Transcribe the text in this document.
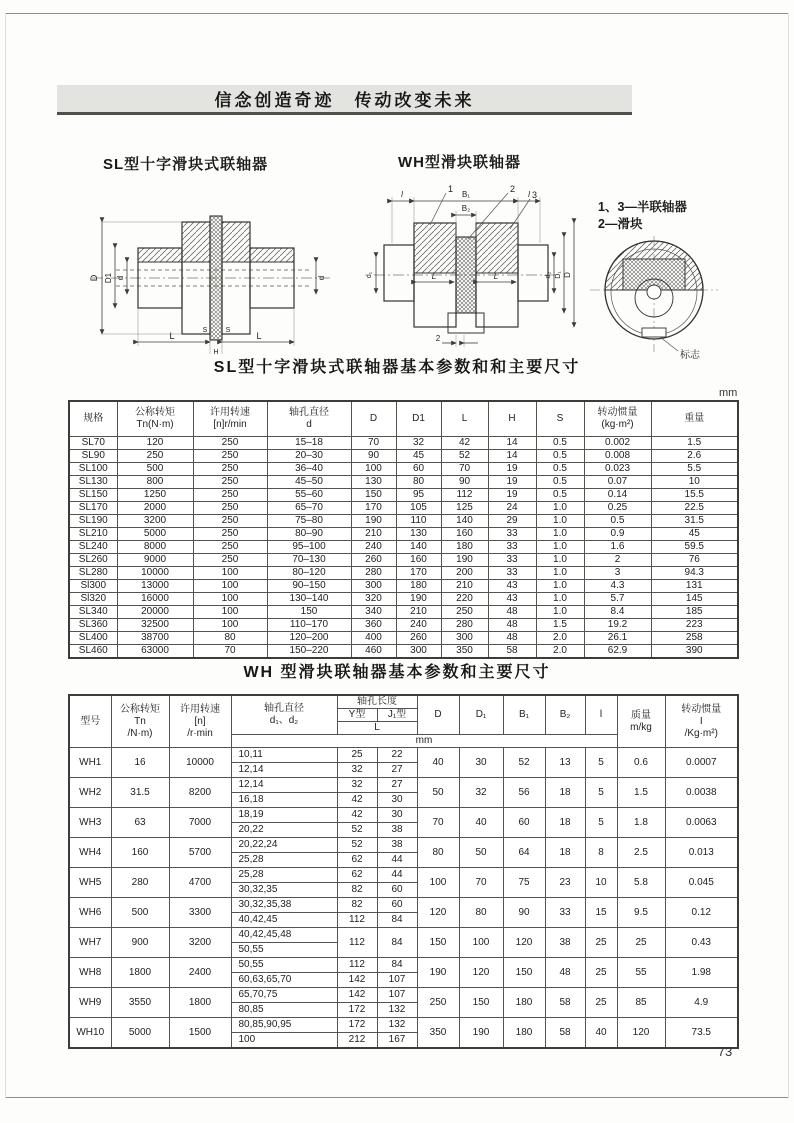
信念创造奇迹　传动改变未来
SL型十字滑块式联轴器	WH型滑块联轴器
D D1 d	d
L
S
H
S
L
l	B₁
B₂
l
1	2
3
L	L
d₁	d₂ D₁ D
2
1、3—半联轴器
2—滑块
标志
SL型十字滑块式联轴器基本参数和和主要尺寸
mm
规格

公称转矩
Tn(N·m)

许用转速
[n]r/min

轴孔直径
d

D	D1	L	H	S

转动惯量
(kg·m²)

重量

SL70	120	250	15–18	70	32	42	14	0.5	0.002	1.5
SL90	250	250	20–30	90	45	52	14	0.5	0.008	2.6
SL100	500	250	36–40	100	60	70	19	0.5	0.023	5.5
SL130	800	250	45–50	130	80	90	19	0.5	0.07	10
SL150	1250	250	55–60	150	95	112	19	0.5	0.14	15.5
SL170	2000	250	65–70	170	105	125	24	1.0	0.25	22.5
SL190	3200	250	75–80	190	110	140	29	1.0	0.5	31.5
SL210	5000	250	80–90	210	130	160	33	1.0	0.9	45
SL240	8000	250	95–100	240	140	180	33	1.0	1.6	59.5
SL260	9000	250	70–130	260	160	190	33	1.0	2	76
SL280	10000	100	80–120	280	170	200	33	1.0	3	94.3
Sl300	13000	100	90–150	300	180	210	43	1.0	4.3	131
Sl320	16000	100	130–140	320	190	220	43	1.0	5.7	145
SL340	20000	100	150	340	210	250	48	1.0	8.4	185
SL360	32500	100	110–170	360	240	280	48	1.5	19.2	223
SL400	38700	80	120–200	400	260	300	48	2.0	26.1	258
SL460	63000	70	150–220	460	300	350	58	2.0	62.9	390
WH 型滑块联轴器基本参数和主要尺寸
型号

公称转矩
Tn
/N·m)

许用转速
[n]
/r·min

轴孔直径
d₁、d₂

轴孔长度

D	D₁	B₁	B₂	l	质量
m/kg

转动惯量
I
/Kg·m²)

				Y型	J₁型							

				L								

			mm									

WH1	16	10000	10,11	25	22	40	30	52	13	5	0.6	0.0007
			12,14	32	27							
WH2	31.5	8200	12,14	32	27	50	32	56	18	5	1.5	0.0038
			16,18	42	30							
WH3	63	7000	18,19	42	30	70	40	60	18	5	1.8	0.0063
			20,22	52	38							
WH4	160	5700	20,22,24	52	38	80	50	64	18	8	2.5	0.013
			25,28	62	44							
WH5	280	4700	25,28	62	44	100	70	75	23	10	5.8	0.045
			30,32,35	82	60							
WH6	500	3300	30,32,35,38	82	60	120	80	90	33	15	9.5	0.12
			40,42,45	112	84							
WH7	900	3200	40,42,45,48	112	84	150	100	120	38	25	25	0.43
			50,55									
WH8	1800	2400	50,55	112	84	190	120	150	48	25	55	1.98
			60,63,65,70	142	107							
WH9	3550	1800	65,70,75	142	107	250	150	180	58	25	85	4.9
			80,85	172	132							
WH10	5000	1500	80,85,90,95	172	132	350	190	180	58	40	120	73.5
			100	212	167							
73
